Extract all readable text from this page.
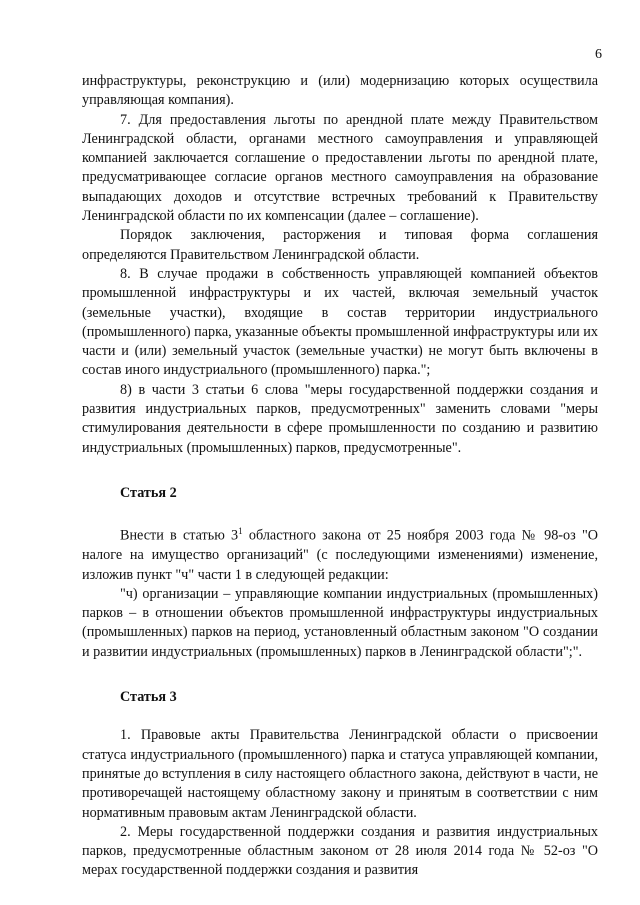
6

инфраструктуры, реконструкцию и (или) модернизацию которых осуществила управляющая компания).

7. Для предоставления льготы по арендной плате между Правительством Ленинградской области, органами местного самоуправления и управляющей компанией заключается соглашение о предоставлении льготы по арендной плате, предусматривающее согласие органов местного самоуправления на образование выпадающих доходов и отсутствие встречных требований к Правительству Ленинградской области по их компенсации (далее – соглашение).

Порядок заключения, расторжения и типовая форма соглашения определяются Правительством Ленинградской области.

8. В случае продажи в собственность управляющей компанией объектов промышленной инфраструктуры и их частей, включая земельный участок (земельные участки), входящие в состав территории индустриального (промышленного) парка, указанные объекты промышленной инфраструктуры или их части и (или) земельный участок (земельные участки) не могут быть включены в состав иного индустриального (промышленного) парка.";

8) в части 3 статьи 6 слова "меры государственной поддержки создания и развития индустриальных парков, предусмотренных" заменить словами "меры стимулирования деятельности в сфере промышленности по созданию и развитию индустриальных (промышленных) парков, предусмотренные".

Статья 2

Внести в статью $3^1$ областного закона от 25 ноября 2003 года № 98-оз "О налоге на имущество организаций" (с последующими изменениями) изменение, изложив пункт "ч" части 1 в следующей редакции:

"ч) организации – управляющие компании индустриальных (промышленных) парков – в отношении объектов промышленной инфраструктуры индустриальных (промышленных) парков на период, установленный областным законом "О создании и развитии индустриальных (промышленных) парков в Ленинградской области";".

Статья 3

1. Правовые акты Правительства Ленинградской области о присвоении статуса индустриального (промышленного) парка и статуса управляющей компании, принятые до вступления в силу настоящего областного закона, действуют в части, не противоречащей настоящему областному закону и принятым в соответствии с ним нормативным правовым актам Ленинградской области.

2. Меры государственной поддержки создания и развития индустриальных парков, предусмотренные областным законом от 28 июля 2014 года № 52-оз "О мерах государственной поддержки создания и развития
